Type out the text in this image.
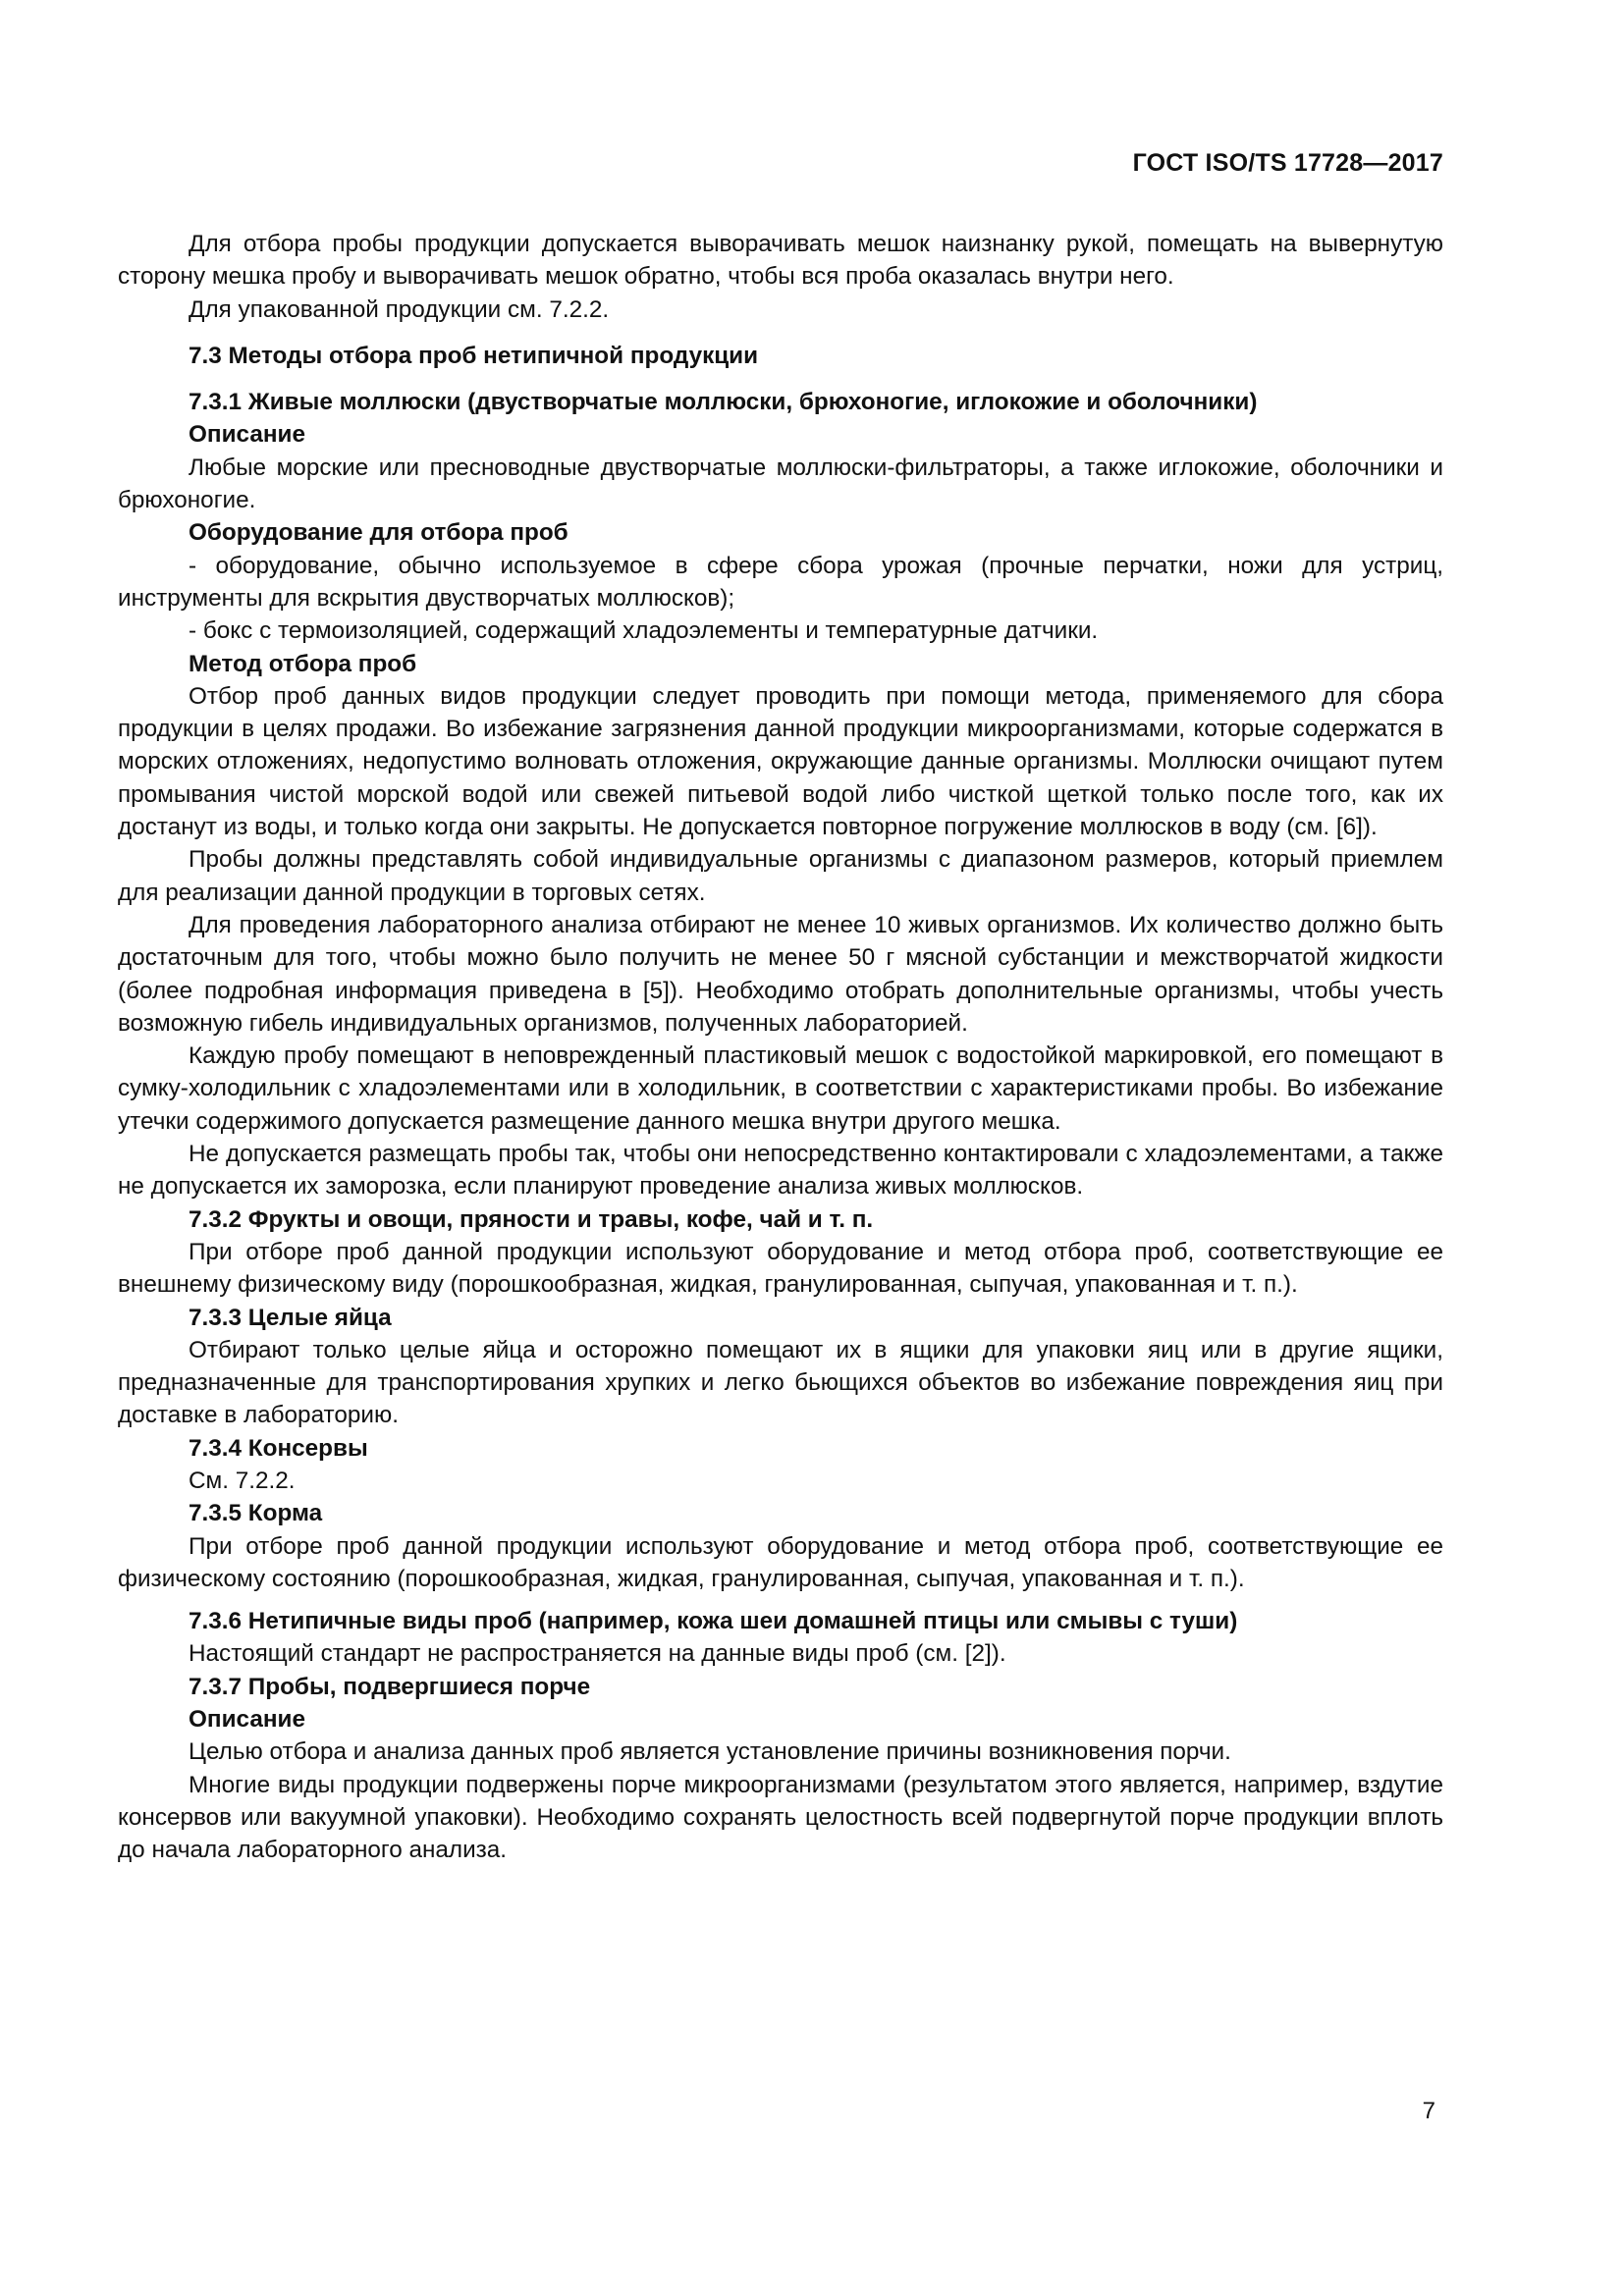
ГОСТ ISO/TS 17728—2017

Для отбора пробы продукции допускается выворачивать мешок наизнанку рукой, помещать на вывернутую сторону мешка пробу и выворачивать мешок обратно, чтобы вся проба оказалась внутри него.

Для упакованной продукции см. 7.2.2.

7.3 Методы отбора проб нетипичной продукции

7.3.1 Живые моллюски (двустворчатые моллюски, брюхоногие, иглокожие и оболочники)

Описание

Любые морские или пресноводные двустворчатые моллюски-фильтраторы, а также иглокожие, оболочники и брюхоногие.

Оборудование для отбора проб

- оборудование, обычно используемое в сфере сбора урожая (прочные перчатки, ножи для устриц, инструменты для вскрытия двустворчатых моллюсков);

- бокс с термоизоляцией, содержащий хладоэлементы и температурные датчики.

Метод отбора проб

Отбор проб данных видов продукции следует проводить при помощи метода, применяемого для сбора продукции в целях продажи. Во избежание загрязнения данной продукции микроорганизмами, которые содержатся в морских отложениях, недопустимо волновать отложения, окружающие данные организмы. Моллюски очищают путем промывания чистой морской водой или свежей питьевой водой либо чисткой щеткой только после того, как их достанут из воды, и только когда они закрыты. Не допускается повторное погружение моллюсков в воду (см. [6]).

Пробы должны представлять собой индивидуальные организмы с диапазоном размеров, который приемлем для реализации данной продукции в торговых сетях.

Для проведения лабораторного анализа отбирают не менее 10 живых организмов. Их количество должно быть достаточным для того, чтобы можно было получить не менее 50 г мясной субстанции и межстворчатой жидкости (более подробная информация приведена в [5]). Необходимо отобрать дополнительные организмы, чтобы учесть возможную гибель индивидуальных организмов, полученных лабораторией.

Каждую пробу помещают в неповрежденный пластиковый мешок с водостойкой маркировкой, его помещают в сумку-холодильник с хладоэлементами или в холодильник, в соответствии с характеристиками пробы. Во избежание утечки содержимого допускается размещение данного мешка внутри другого мешка.

Не допускается размещать пробы так, чтобы они непосредственно контактировали с хладоэлементами, а также не допускается их заморозка, если планируют проведение анализа живых моллюсков.

7.3.2 Фрукты и овощи, пряности и травы, кофе, чай и т. п.

При отборе проб данной продукции используют оборудование и метод отбора проб, соответствующие ее внешнему физическому виду (порошкообразная, жидкая, гранулированная, сыпучая, упакованная и т. п.).

7.3.3 Целые яйца

Отбирают только целые яйца и осторожно помещают их в ящики для упаковки яиц или в другие ящики, предназначенные для транспортирования хрупких и легко бьющихся объектов во избежание повреждения яиц при доставке в лабораторию.

7.3.4 Консервы

См. 7.2.2.

7.3.5 Корма

При отборе проб данной продукции используют оборудование и метод отбора проб, соответствующие ее физическому состоянию (порошкообразная, жидкая, гранулированная, сыпучая, упакованная и т. п.).

7.3.6 Нетипичные виды проб (например, кожа шеи домашней птицы или смывы с туши)

Настоящий стандарт не распространяется на данные виды проб (см. [2]).

7.3.7 Пробы, подвергшиеся порче

Описание

Целью отбора и анализа данных проб является установление причины возникновения порчи.

Многие виды продукции подвержены порче микроорганизмами (результатом этого является, например, вздутие консервов или вакуумной упаковки). Необходимо сохранять целостность всей подвергнутой порче продукции вплоть до начала лабораторного анализа.

7
